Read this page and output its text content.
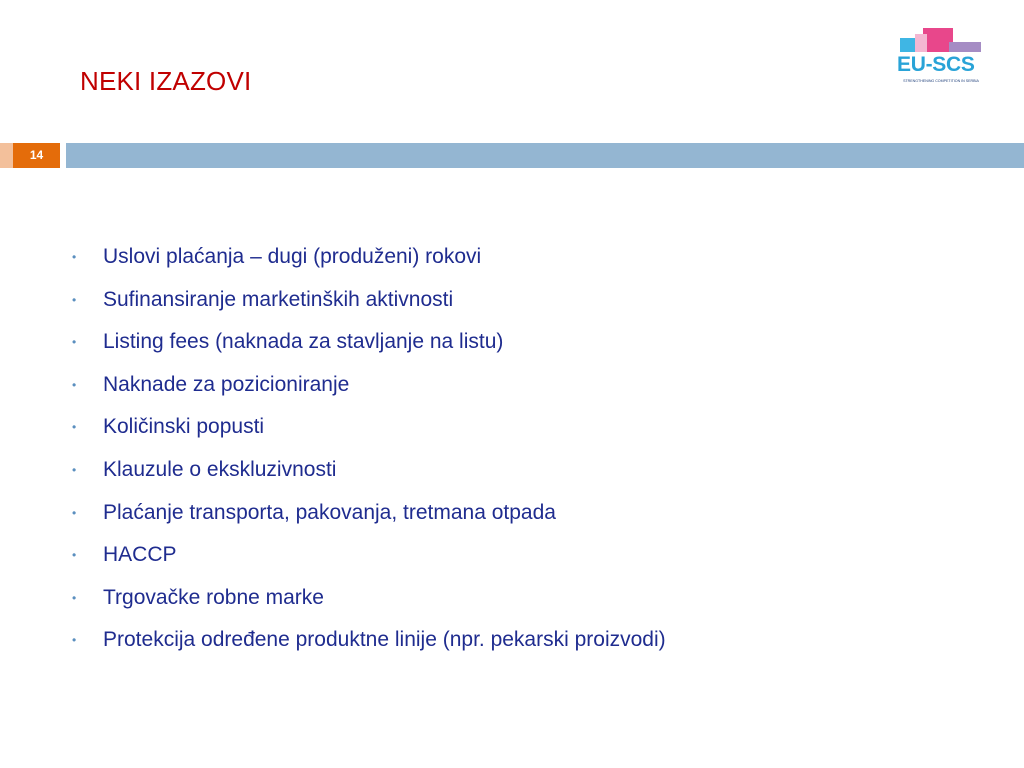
NEKI IZAZOVI
EU-SCS
STRENGTHENING COMPETITION IN SERBIA
14
• Uslovi plaćanja – dugi (produženi) rokovi
• Sufinansiranje marketinških aktivnosti
• Listing fees (naknada za stavljanje na listu)
• Naknade za pozicioniranje
• Količinski popusti
• Klauzule o ekskluzivnosti
• Plaćanje transporta, pakovanja, tretmana otpada
• HACCP
• Trgovačke robne marke
• Protekcija određene produktne linije (npr. pekarski proizvodi)
